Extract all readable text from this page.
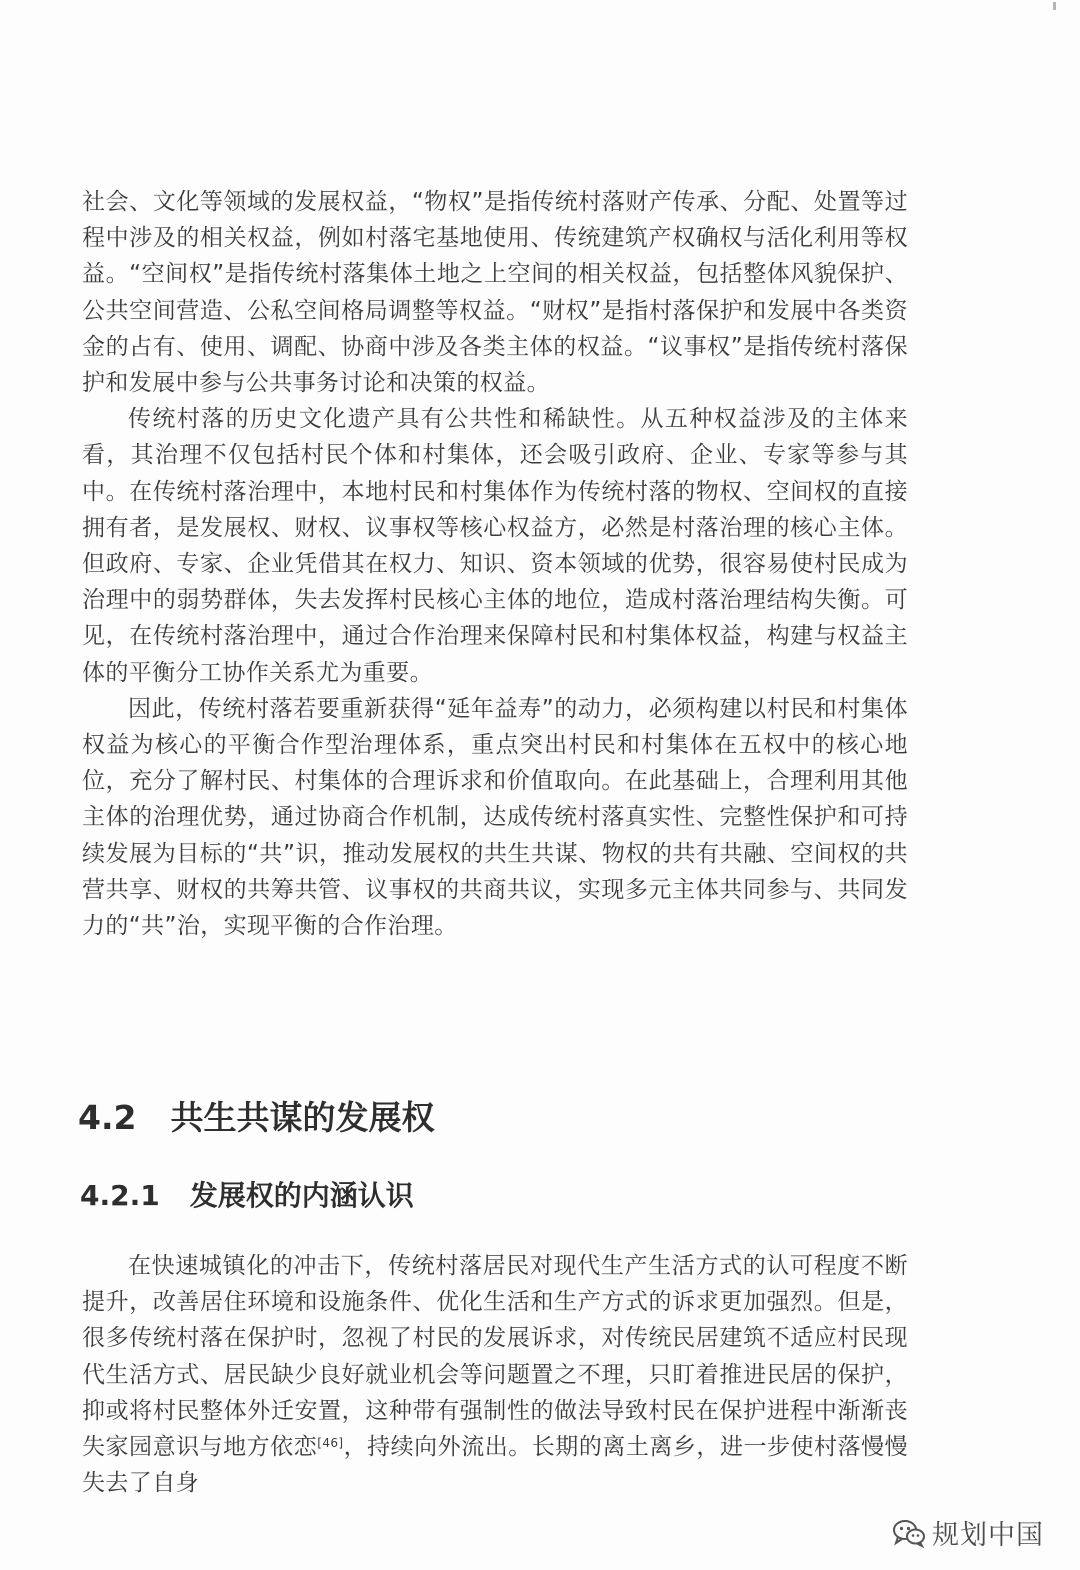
社会、文化等领域的发展权益，“物权”是指传统村落财产传承、分配、处置等过程中涉及的相关权益，例如村落宅基地使用、传统建筑产权确权与活化利用等权益。“空间权”是指传统村落集体土地之上空间的相关权益，包括整体风貌保护、公共空间营造、公私空间格局调整等权益。“财权”是指村落保护和发展中各类资金的占有、使用、调配、协商中涉及各类主体的权益。“议事权”是指传统村落保护和发展中参与公共事务讨论和决策的权益。

传统村落的历史文化遗产具有公共性和稀缺性。从五种权益涉及的主体来看，其治理不仅包括村民个体和村集体，还会吸引政府、企业、专家等参与其中。在传统村落治理中，本地村民和村集体作为传统村落的物权、空间权的直接拥有者，是发展权、财权、议事权等核心权益方，必然是村落治理的核心主体。但政府、专家、企业凭借其在权力、知识、资本领域的优势，很容易使村民成为治理中的弱势群体，失去发挥村民核心主体的地位，造成村落治理结构失衡。可见，在传统村落治理中，通过合作治理来保障村民和村集体权益，构建与权益主体的平衡分工协作关系尤为重要。

因此，传统村落若要重新获得“延年益寿”的动力，必须构建以村民和村集体权益为核心的平衡合作型治理体系，重点突出村民和村集体在五权中的核心地位，充分了解村民、村集体的合理诉求和价值取向。在此基础上，合理利用其他主体的治理优势，通过协商合作机制，达成传统村落真实性、完整性保护和可持续发展为目标的“共”识，推动发展权的共生共谋、物权的共有共融、空间权的共营共享、财权的共筹共管、议事权的共商共议，实现多元主体共同参与、共同发力的“共”治，实现平衡的合作治理。

4.2 共生共谋的发展权
4.2.1 发展权的内涵认识

在快速城镇化的冲击下，传统村落居民对现代生产生活方式的认可程度不断提升，改善居住环境和设施条件、优化生活和生产方式的诉求更加强烈。但是，很多传统村落在保护时，忽视了村民的发展诉求，对传统民居建筑不适应村民现代生活方式、居民缺少良好就业机会等问题置之不理，只盯着推进民居的保护，抑或将村民整体外迁安置，这种带有强制性的做法导致村民在保护进程中渐渐丧失家园意识与地方依恋[46]，持续向外流出。长期的离土离乡，进一步使村落慢慢失去了自身

规划中国
